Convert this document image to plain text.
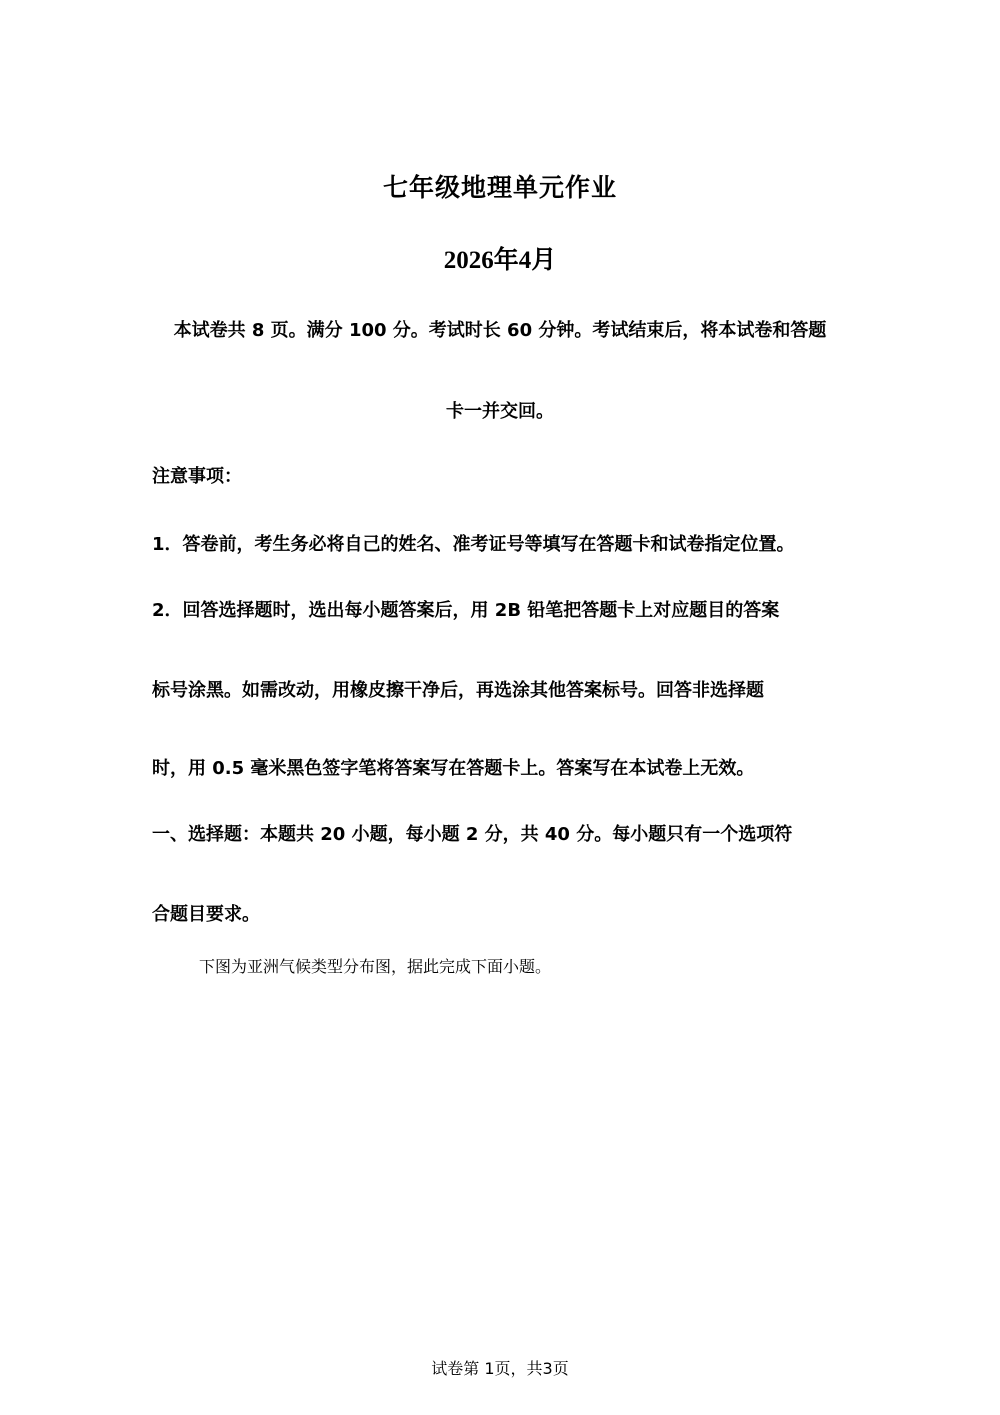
七年级地理单元作业
2026年4月
本试卷共 8 页。满分 100 分。考试时长 60 分钟。考试结束后，将本试卷和答题
卡一并交回。
注意事项：
1．答卷前，考生务必将自己的姓名、准考证号等填写在答题卡和试卷指定位置。
2．回答选择题时，选出每小题答案后，用 2B 铅笔把答题卡上对应题目的答案
标号涂黑。如需改动，用橡皮擦干净后，再选涂其他答案标号。回答非选择题
时，用 0.5 毫米黑色签字笔将答案写在答题卡上。答案写在本试卷上无效。
一、选择题：本题共 20 小题，每小题 2 分，共 40 分。每小题只有一个选项符
合题目要求。
下图为亚洲气候类型分布图，据此完成下面小题。
试卷第 1页，共3页
